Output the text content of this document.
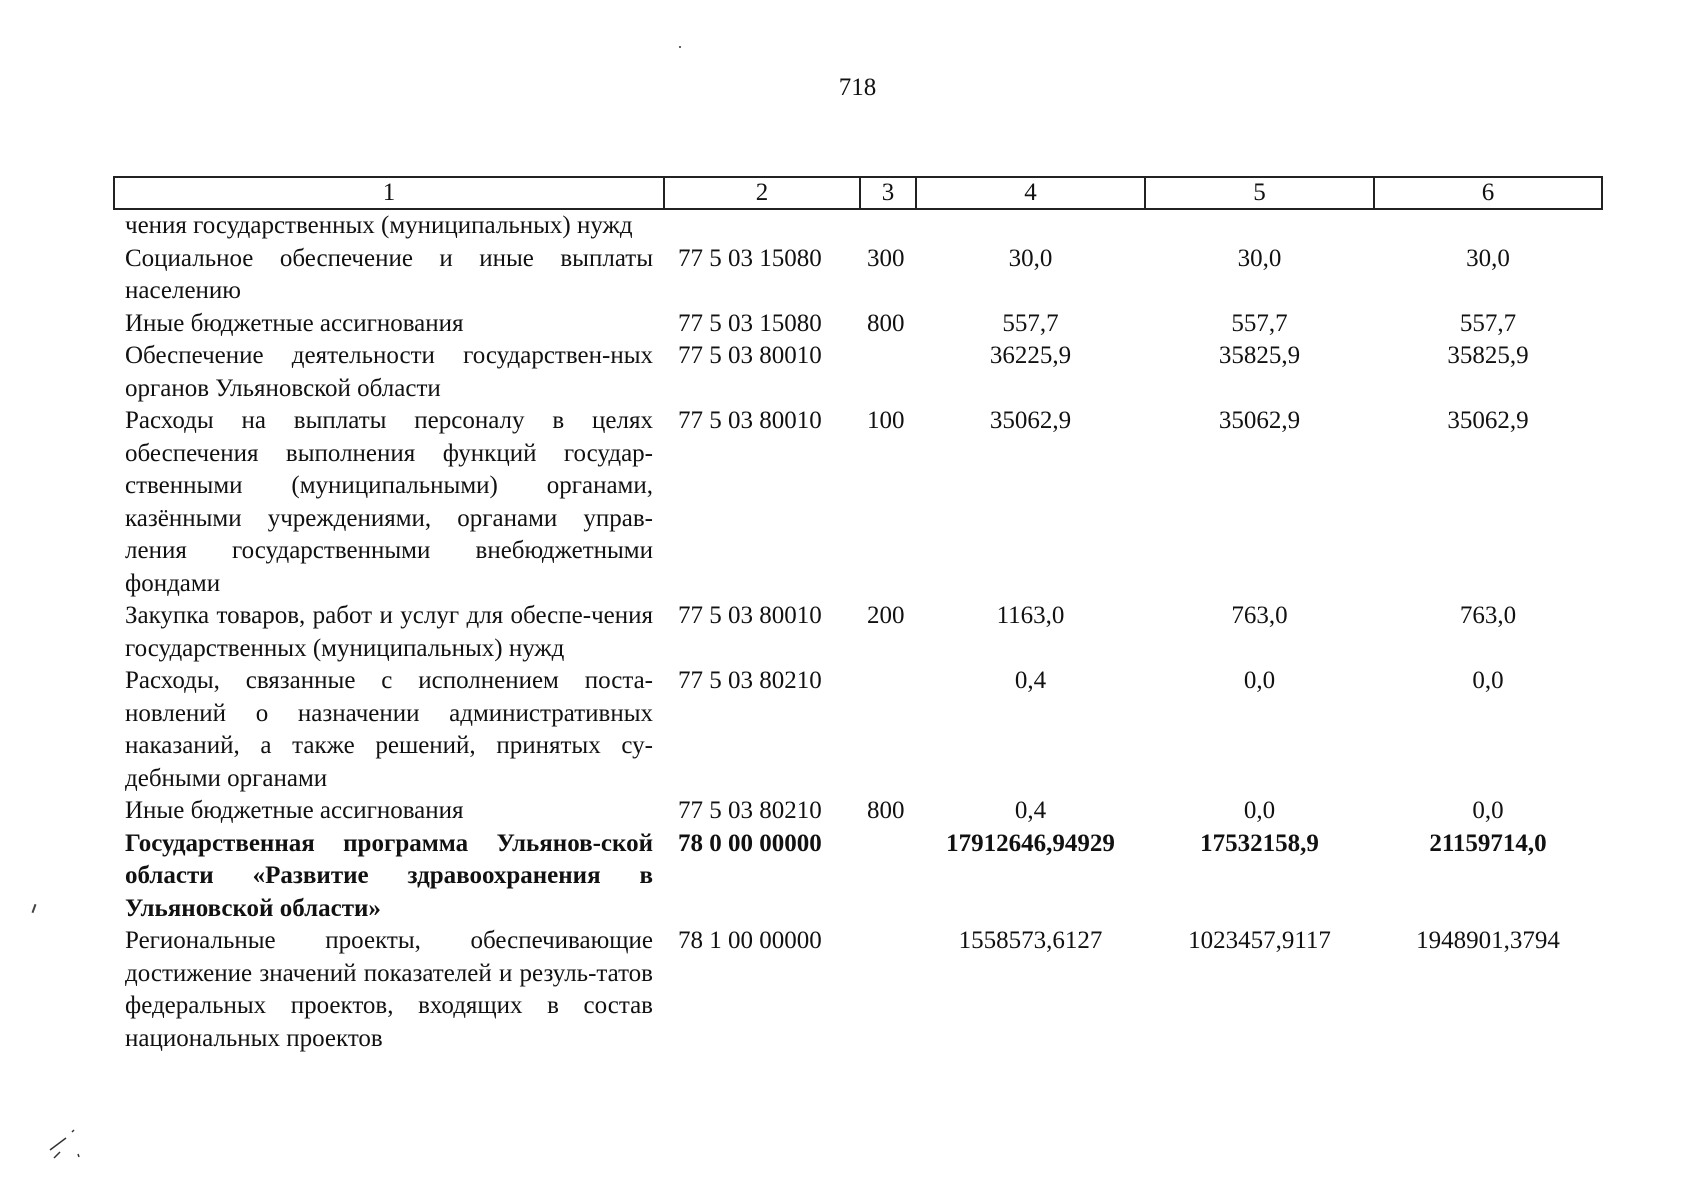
718
1	2	3	4	5	6
чения государственных (муниципальных) нужд					
Социальное обеспечение и иные выплаты населению	77 5 03 15080	300	30,0	30,0	30,0
Иные бюджетные ассигнования	77 5 03 15080	800	557,7	557,7	557,7
Обеспечение деятельности государствен-ных органов Ульяновской области	77 5 03 80010		36225,9	35825,9	35825,9
Расходы на выплаты персоналу в целях обеспечения выполнения функций государ-ственными (муниципальными) органами, казёнными учреждениями, органами управ-ления государственными внебюджетными фондами	77 5 03 80010	100	35062,9	35062,9	35062,9
Закупка товаров, работ и услуг для обеспе-чения государственных (муниципальных) нужд	77 5 03 80010	200	1163,0	763,0	763,0
Расходы, связанные с исполнением поста-новлений о назначении административных наказаний, а также решений, принятых су-дебными органами	77 5 03 80210		0,4	0,0	0,0
Иные бюджетные ассигнования	77 5 03 80210	800	0,4	0,0	0,0
Государственная программа Ульянов-ской области «Развитие здравоохранения в Ульяновской области»	78 0 00 00000		17912646,94929	17532158,9	21159714,0
Региональные проекты, обеспечивающие достижение значений показателей и резуль-татов федеральных проектов, входящих в состав национальных проектов	78 1 00 00000		1558573,6127	1023457,9117	1948901,3794
